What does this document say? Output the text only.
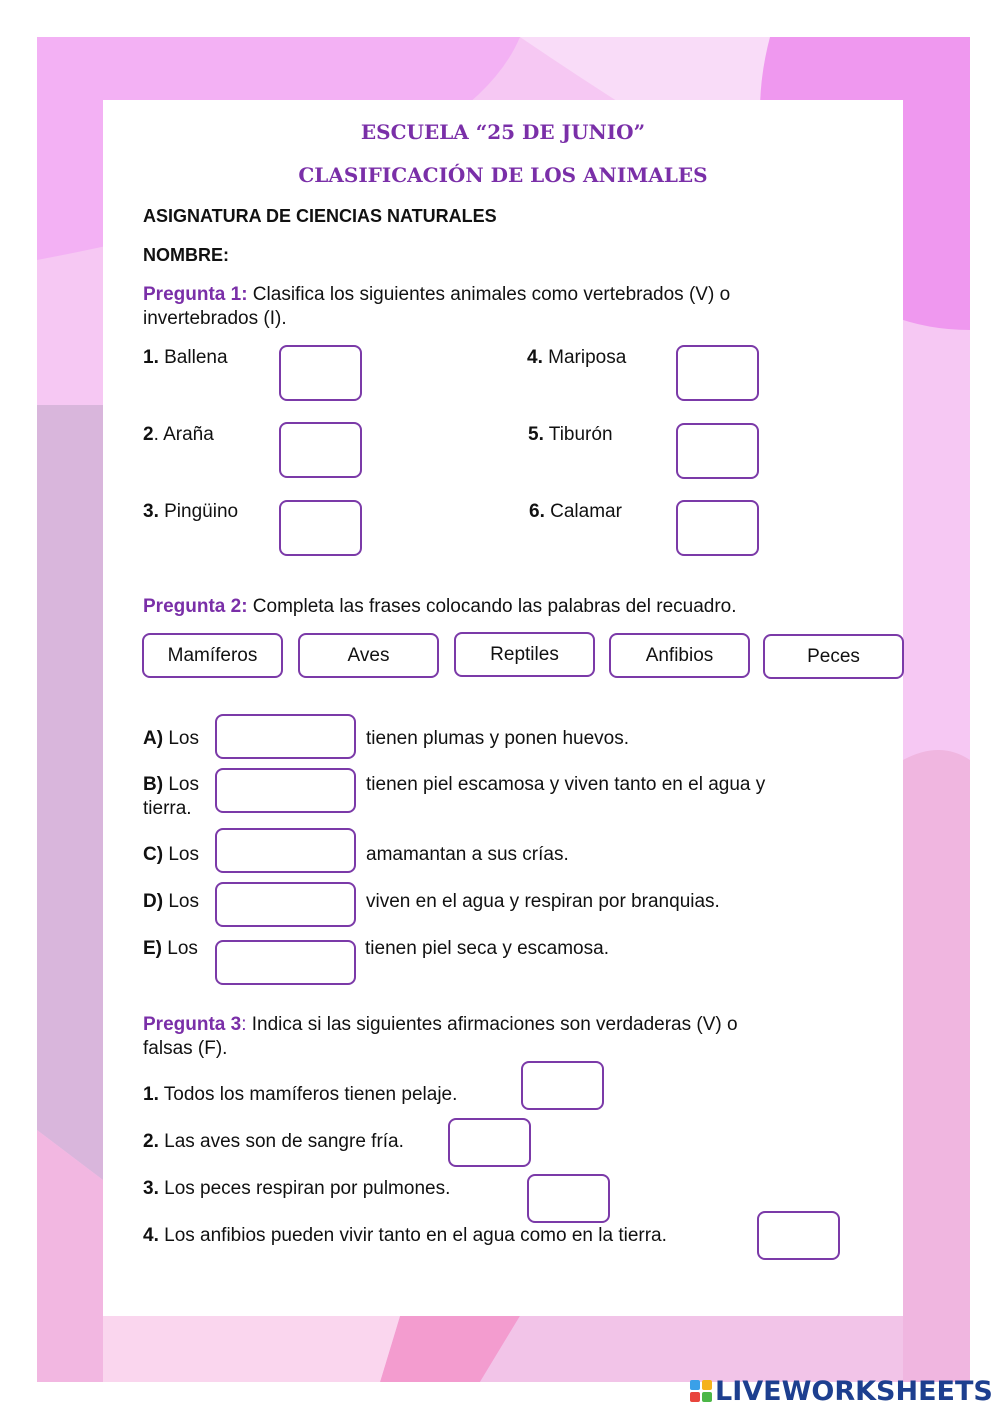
ESCUELA “25 DE JUNIO”
CLASIFICACIÓN DE LOS ANIMALES
ASIGNATURA DE CIENCIAS NATURALES
NOMBRE:
Pregunta 1: Clasifica los siguientes animales como vertebrados (V) o
invertebrados (I).
1. Ballena
2. Araña
3. Pingüino
4. Mariposa
5. Tiburón
6. Calamar
Pregunta 2: Completa las frases colocando las palabras del recuadro.
Mamíferos	Aves	Reptiles	Anfibios	Peces
A) Los	tienen plumas y ponen huevos.
B) Los	tienen piel escamosa y viven tanto en el agua y
tierra.
C) Los	amamantan a sus crías.
D) Los	viven en el agua y respiran por branquias.
E) Los	tienen piel seca y escamosa.
Pregunta 3: Indica si las siguientes afirmaciones son verdaderas (V) o
falsas (F).
1. Todos los mamíferos tienen pelaje.
2. Las aves son de sangre fría.
3. Los peces respiran por pulmones.
4. Los anfibios pueden vivir tanto en el agua como en la tierra.
LIVEWORKSHEETS
